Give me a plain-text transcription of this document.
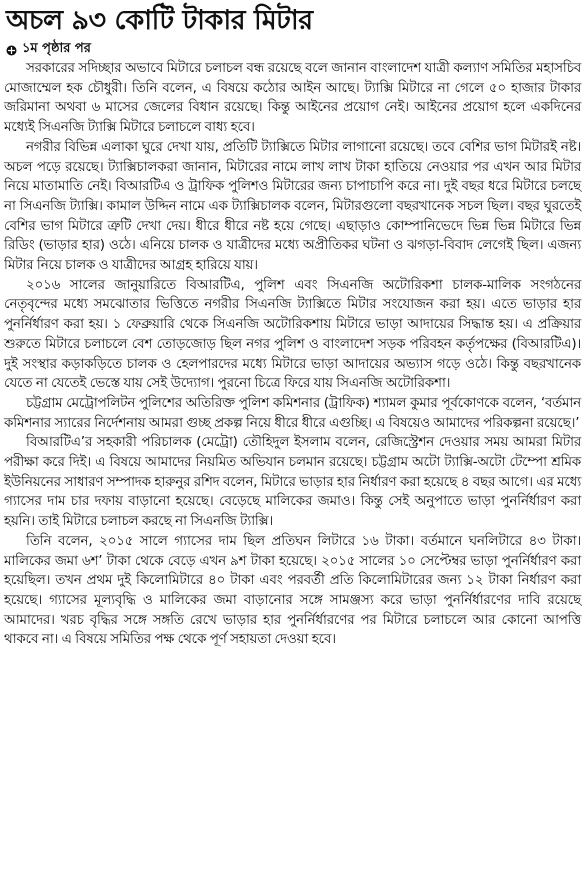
অচল ৯৩ কোটি টাকার মিটার
১ম পৃষ্ঠার পর

সরকারের সদিচ্ছার অভাবে মিটারে চলাচল বন্ধ রয়েছে বলে জানান বাংলাদেশ যাত্রী কল্যাণ সমিতির মহাসচিব মোজাম্মেল হক চৌধুরী। তিনি বলেন, এ বিষয়ে কঠোর আইন আছে। ট্যাক্সি মিটারে না গেলে ৫০ হাজার টাকার জরিমানা অথবা ৬ মাসের জেলের বিধান রয়েছে। কিন্তু আইনের প্রয়োগ নেই। আইনের প্রয়োগ হলে একদিনের মধ্যেই সিএনজি ট্যাক্সি মিটারে চলাচলে বাধ্য হবে।

নগরীর বিভিন্ন এলাকা ঘুরে দেখা যায়, প্রতিটি ট্যাক্সিতে মিটার লাগানো রয়েছে। তবে বেশির ভাগ মিটারই নষ্ট। অচল পড়ে রয়েছে। ট্যাক্সিচালকরা জানান, মিটারের নামে লাখ লাখ টাকা হাতিয়ে নেওয়ার পর এখন আর মিটার নিয়ে মাতামাতি নেই। বিআরটিএ ও ট্রাফিক পুলিশও মিটারের জন্য চাপাচাপি করে না। দুই বছর ধরে মিটারে চলছে না সিএনজি ট্যাক্সি। কামাল উদ্দিন নামে এক ট্যাক্সিচালক বলেন, মিটারগুলো বছরখানেক সচল ছিল। বছর ঘুরতেই বেশির ভাগ মিটারে ত্রুটি দেখা দেয়। ধীরে ধীরে নষ্ট হয়ে গেছে। এছাড়াও কোম্পানিভেদে ভিন্ন ভিন্ন মিটারে ভিন্ন রিডিং (ভাড়ার হার) ওঠে। এনিয়ে চালক ও যাত্রীদের মধ্যে অপ্রীতিকর ঘটনা ও ঝগড়া-বিবাদ লেগেই ছিল। এজন্য মিটার নিয়ে চালক ও যাত্রীদের আগ্রহ হারিয়ে যায়।

২০১৬ সালের জানুয়ারিতে বিআরটিএ, পুলিশ এবং সিএনজি অটোরিকশা চালক-মালিক সংগঠনের নেতৃবৃন্দের মধ্যে সমঝোতার ভিত্তিতে নগরীর সিএনজি ট্যাক্সিতে মিটার সংযোজন করা হয়। এতে ভাড়ার হার পুনর্নির্ধারণ করা হয়। ১ ফেব্রুয়ারি থেকে সিএনজি অটোরিকশায় মিটারে ভাড়া আদায়ের সিদ্ধান্ত হয়। এ প্রক্রিয়ার শুরুতে মিটারে চলাচলে বেশ তোড়জোড় ছিল নগর পুলিশ ও বাংলাদেশ সড়ক পরিবহন কর্তৃপক্ষের (বিআরটিএ)। দুই সংস্থার কড়াকড়িতে চালক ও হেলপারদের মধ্যে মিটারে ভাড়া আদায়ের অভ্যাস গড়ে ওঠে। কিন্তু বছরখানেক যেতে না যেতেই ভেস্তে যায় সেই উদ্যোগ। পুরনো চিত্রে ফিরে যায় সিএনজি অটোরিকশা।

চট্টগ্রাম মেট্রোপলিটন পুলিশের অতিরিক্ত পুলিশ কমিশনার (ট্রাফিক) শ্যামল কুমার পূর্বকোণকে বলেন, ‘বর্তমান কমিশনার স্যারের নির্দেশনায় আমরা গুচ্ছ প্রকল্প নিয়ে ধীরে ধীরে এগুচ্ছি। এ বিষয়েও আমাদের পরিকল্পনা রয়েছে।’

বিআরটিএ’র সহকারী পরিচালক (মেট্রো) তৌহিদুল ইসলাম বলেন, রেজিস্ট্রেশন দেওয়ার সময় আমরা মিটার পরীক্ষা করে দিই। এ বিষয়ে আমাদের নিয়মিত অভিযান চলমান রয়েছে। চট্টগ্রাম অটো ট্যাক্সি-অটো টেম্পো শ্রমিক ইউনিয়নের সাধারণ সম্পাদক হারুনুর রশিদ বলেন, মিটারে ভাড়ার হার নির্ধারণ করা হয়েছে ৪ বছর আগে। এর মধ্যে গ্যাসের দাম চার দফায় বাড়ানো হয়েছে। বেড়েছে মালিকের জমাও। কিন্তু সেই অনুপাতে ভাড়া পুনর্নির্ধারণ করা হয়নি। তাই মিটারে চলাচল করছে না সিএনজি ট্যাক্সি।

তিনি বলেন, ২০১৫ সালে গ্যাসের দাম ছিল প্রতিঘন লিটারে ১৬ টাকা। বর্তমানে ঘনলিটারে ৪৩ টাকা। মালিকের জমা ৬শ’ টাকা থেকে বেড়ে এখন ৯শ টাকা হয়েছে। ২০১৫ সালের ১০ সেপ্টেম্বর ভাড়া পুনর্নির্ধারণ করা হয়েছিল। তখন প্রথম দুই কিলোমিটারে ৪০ টাকা এবং পরবর্তী প্রতি কিলোমিটারের জন্য ১২ টাকা নির্ধারণ করা হয়েছে। গ্যাসের মূল্যবৃদ্ধি ও মালিকের জমা বাড়ানোর সঙ্গে সামঞ্জস্য করে ভাড়া পুনর্নির্ধারণের দাবি রয়েছে আমাদের। খরচ বৃদ্ধির সঙ্গে সঙ্গতি রেখে ভাড়ার হার পুনর্নির্ধারণের পর মিটারে চলাচলে আর কোনো আপত্তি থাকবে না। এ বিষয়ে সমিতির পক্ষ থেকে পূর্ণ সহায়তা দেওয়া হবে।
